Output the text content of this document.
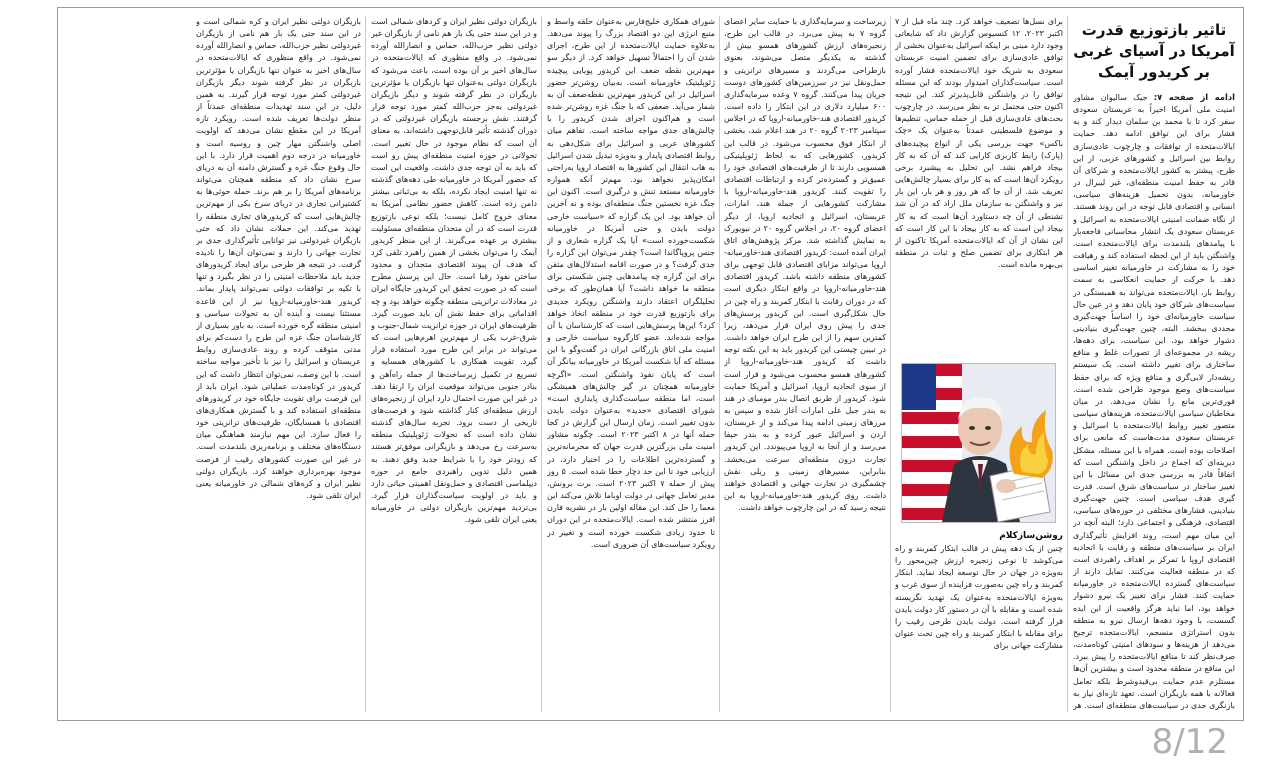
تاثیر بازتوزیع قدرت آمریکا در آسیای غربی بر کریدور آیمک

ادامه از صفحه ۷: جیک سالیوان مشاور امنیت ملی آمریکا اخیراً به عربستان سعودی سفر کرد تا با محمد بن سلمان دیدار کند و به فشار برای این توافق ادامه دهد. حمایت ایالات‌متحده از توافقات و چارچوب عادی‌سازی روابط بین اسرائیل و کشورهای عربی، از این طرح، پیشتر به کشور ایالات‌متحده و شرکای آن قادر به حفظ امنیت منطقه‌ای، غیر لیبرال در خاورمیانه، بدون تحمیل هزینه‌های سیاسی، انسانی و اقتصادی قابل توجه در این روند هستند. از نگاه ضمانت امنیتی ایالات‌متحده به اسرائیل و عربستان سعودی یک انتشار محاسباتی فاجعه‌بار با پیامدهای بلندمدت برای ایالات‌متحده است. واشنگتن باید از این لحظه استفاده کند و رهیافت خود را به مشارکت در خاورمیانه تغییر اساسی دهد. با حرکت از حمایت انعکاسی به سمت روابط باز، ایالات‌متحده می‌تواند به همبستگی در سیاست‌های شرکای خود پایان دهد و در عین حال سیاست خاورمیانه‌ای خود را اساساً جهت‌گیری مجددی ببخشد. البته، چنین جهت‌گیری بنیادینی دشوار خواهد بود، این سیاست، برای دهه‌ها، ریشه در مجموعه‌ای از تصورات غلط و منافع ساختاری برای تغییر داشته است. یک سیستم ریشه‌دار لابی‌گری و منافع ویژه که برای حفظ سیاست‌های وضع موجود طراحی شده است. فوری‌ترین مانع را نشان می‌دهد. در میان مخاطبان سیاسی ایالات‌متحده، هزینه‌های سیاسی متصور تغییر روابط ایالات‌متحده با اسرائیل و عربستان سعودی مدت‌هاست که مانعی برای اصلاحات بوده است. همراه با این مسئله، مشکل دیرینه‌ای که اجماع در داخل واشنگتن است که اتفاقاً قادر به بررسی جدی این مسائل با این تغییر ساختار در سیاست‌های شرق است. قدرت گیری هدف سیاسی است. چنین جهت‌گیری بنیادینی، فشارهای مختلفی در حوزه‌های سیاسی، اقتصادی، فرهنگی و اجتماعی دارد؛ البته آنچه در این میان مهم است، روند افزایش تأثیرگذاری ایران بر سیاست‌های منطقه و رقابت با اتحادیه اقتصادی اروپا با تمرکز بر اهداف راهبردی است که در منطقه فعالیت می‌کنند. تمایل دارند از سیاست‌های گسترده ایالات‌متحده در خاورمیانه حمایت کنند. فشار برای تغییر یک نیرو دشوار خواهد بود، اما نباید هرگز واقعیت از این ایده گسست، با وجود دهه‌ها ارسال نیرو به منطقه بدون استراتژی منسجم، ایالات‌متحده ترجیح می‌دهد از هزینه‌ها و سودهای امنیتی کوتاه‌مدت، صرف‌نظر کند تا منافع ایالات‌متحده را پیش ببرد. این منافع در منطقه محدود است و بیشترین آن‌ها مستلزم عدم حمایت بی‌قیدوشرط بلکه تعامل فعالانه با همه بازیگران است. تعهد تازه‌ای نیاز به بازنگری جدی در سیاست‌های منطقه‌ای است. هر

برای نسل‌ها تضعیف خواهد کرد. چند ماه قبل از ۷ اکتبر ۲۰۲۳، ۱۲ کنسیوس گزارش داد که شایعاتی وجود دارد مبنی بر اینکه اسرائیل به‌عنوان بخشی از توافق عادی‌سازی برای تضمین امنیت عربستان سعودی به شریک خود ایالات‌متحده فشار آورده است. سیاست‌گذاران امیدوار بودند که این مسئله توافق را در واشنگتن قابل‌پذیرتر کند. این نتیجه اکنون حتی محتمل تر به نظر می‌رسد. در چارچوب بحث‌های عادی‌سازی قبل از حمله حماس، تنظیم‌ها و موضوع فلسطینی عمدتاً به‌عنوان یک «چک باکس» جهت بررسی یکی از انواع پیچیده‌های (پارک) رابط کاربری کارایی کند که آن که به کار بیجاد فراهم نشد. این تحلیل به پیشبرد برخی رویکرد آن‌ها است که به کار برای بسیار چالش‌هایی تعریف شد. از آن جا که هر روز و هر بار، این بار نیز و واشنگتن به سازمان ملل اراد که در آن شد تشنطی از آن چه دستاورد آن‌ها است که به کار بیجاد این است که به کار بیجاد با این کار است که این نشان از آن که ایالات‌متحده آمریکا تاکنون از هر ابتکاری برای تضمین صلح و ثبات در منطقه بی‌بهره مانده است.

روشن‌سازکلام

چنین از یک دهه پیش در قالب ابتکار کمربند و راه می‌کوشد تا نوعی زنجیره ارزش چین‌محور را به‌ویژه در جهان در حال توسعه ایجاد نماید. ابتکار کمربند و راه چین به‌صورت فزاینده از سوی غرب و به‌ویژه ایالات‌متحده به‌عنوان یک تهدید نگریسته شده است و مقابله با آن در دستور کار دولت بایدن قرار گرفته است. دولت بایدن طرحی رقیب را برای مقابله با ابتکار کمربند و راه چین تحت عنوان مشارکت جهانی برای

زیرساخت و سرمایه‌گذاری با حمایت سایر اعضای گروه ۷ به پیش می‌برد. در قالب این طرح، زنجیره‌های ارزش کشورهای همسو بیش از گذشته به یکدیگر متصل می‌شوند، بعنوی بازطراحی می‌گردند و مسیرهای ترانزیتی و حمل‌ونقل نیز در سرزمین‌های کشورهای دوست جریان پیدا می‌کنند. گروه ۷ وعده سرمایه‌گذاری ۶۰۰ میلیارد دلاری در این ابتکار را داده است. کریدور اقتصادی هند-خاورمیانه-اروپا که در اجلاس سپتامبر ۲۰۲۳ گروه ۲۰ در هند اعلام شد، بخشی از ابتکار فوق محسوب می‌شود. در قالب این کریدور، کشورهایی که به لحاظ ژئوپلیتیکی همسویی دارند تا از ظرفیت‌های اقتصادی خود را عمیق‌تر و گسترده‌تر کرده و ارتباطات اقتصادی را تقویت کنند. کریدور هند-خاورمیانه-اروپا با مشارکت کشورهایی از جمله هند، امارات، عربستان، اسرائیل و اتحادیه اروپا، از دیگر اعضای گروه ۲۰، در اجلاس گروه ۲۰ در نیویورک به نمایش گذاشته شد. مرکز پژوهش‌های اتاق ایران آمده است: کریدور اقتصادی هند-خاورمیانه-اروپا می‌تواند مزایای اقتصادی قابل توجهی برای کشورهای منطقه داشته باشد. کریدور اقتصادی هند-خاورمیانه-اروپا در واقع ابتکار دیگری است که در دوران رقابت با ابتکار کمربند و راه چین در حال شکل‌گیری است. این کریدور پرسش‌های جدی را پیش روی ایران قرار می‌دهد، زیرا کمترین سهم را از این طرح ایران خواهد داشت. در تبیین چیستی این کریدور باید به این نکته توجه داشت که کریدور هند-خاورمیانه-اروپا از کشورهای همسو محسوب می‌شود و قرار است از سوی اتحادیه اروپا، اسرائیل و آمریکا حمایت شود. کریدور از طریق اتصال بندر مومبای در هند به بندر جبل علی امارات آغاز شده و سپس به مرزهای زمینی ادامه پیدا می‌کند و از عربستان، اردن و اسرائیل عبور کرده و به بندر حیفا می‌رسد و از آنجا به اروپا می‌پیوندد. این کریدور تجارت درون منطقه‌ای سرعت می‌بخشد. بنابراین، مسیرهای زمینی و ریلی نقش چشمگیری در تجارت جهانی و اقتصادی خواهند داشت. روی کریدور هند-خاورمیانه-اروپا به این نتیجه رسید که در این چارچوب خواهد داشت.

شورای همکاری خلیج‌فارس به‌عنوان حلقه واسط و منبع انرژی این دو اقتصاد بزرگ را پیوند می‌دهد. به‌علاوه حمایت ایالات‌متحده از این طرح، اجرای شدن آن را احتمالاً تسهیل خواهد کرد. از دیگر سو مهم‌ترین نقطه ضعف این کریدور پویایی پیچیده ژئوپلیتیک خاورمیانه است. به‌بیان روشن‌تر حضور اسرائیل در این کریدور مهم‌ترین نقطه‌ضعف آن به شمار می‌آید. ضعفی که با جنگ غزه روشن‌تر شده است و هم‌اکنون اجرای شدن کریدور را با چالش‌های جدی مواجه ساخته است. تفاهم میان کشورهای عربی و اسرائیل برای شکل‌دهی به روابط اقتصادی پایدار و به‌ویژه تبدیل شدن اسرائیل به هاب انتقال این کشورها به اقتصاد اروپا به‌راحتی امکان‌پذیر نخواهد بود. مهم‌تر آنکه همواره خاورمیانه مستعد تنش و درگیری است. اکنون این جنگ غزه نخستین جنگ منطقه‌ای بوده و نه آخرین آن خواهد بود. این یک گزاره که «سیاست خارجی دولت بایدن و حتی آمریکا در خاورمیانه شکست‌خورده است» آیا یک گزاره شعاری و از جنس پروپاگاندا است؟ چقدر می‌توان این گزاره را جدی گرفت؟ و در صورت اقامه استدلال‌های متقن برای این گزاره چه پیامدهایی چنین شکستی برای منطقه ما خواهد داشت؟ آیا همان‌طور که برخی تحلیلگران اعتقاد دارند واشنگتن رویکرد جدیدی برای بازتوزیع قدرت خود در منطقه اتخاذ خواهد کرد؟ این‌ها پرسش‌هایی است که کارشناسان با آن مواجه شده‌اند. عضو کارگروه سیاست خارجی و امنیت ملی اتاق بازرگانی ایران در گفت‌وگو با این مسئله که آیا شکست آمریکا در خاورمیانه بیانگر آن است که پایان نفوذ واشنگتن است. «اگرچه خاورمیانه همچنان در گیر چالش‌های همیشگی است، اما منطقه سیاست‌گذاری پایداری است» شورای اقتصادی «جدید» به‌عنوان دولت بایدن بدون تغییر است. زمان ارسال این گزارش در کجا حمله آنها در ۸ اکتبر ۲۰۲۳ است. چگونه مشاور امنیت ملی بزرگترین قدرت جهان که محرمانه‌ترین و گسترده‌ترین اطلاعات را در اختیار دارد، در ارزیابی خود تا این حد دچار خطا شده است. ۵ روز پیش از حمله ۷ اکتبر ۲۰۲۳ است. برت برونش، مدیر تعامل جهانی در دولت اوباما تلاش می‌کند این معما را حل کند. این مقاله اولین بار در نشریه فارن افرز منتشر شده است. ایالات‌متحده در این دوران تا حدود زیادی شکست خورده است و تغییر در رویکرد سیاست‌های آن ضروری است.

بازیگران دولتی نظیر ایران و کردهای شمالی است و در این سند حتی یک بار هم نامی از بازیگران غیر دولتی نظیر حزب‌الله، حماس و انصارالله آورده نمی‌شود. در واقع منظوری که ایالات‌متحده در سال‌های اخیر بر آن بوده است، باعث می‌شود که بازیگران دولتی به‌عنوان تنها بازیگران یا مؤثرترین بازیگران در نظر گرفته شوند و دیگر بازیگران غیردولتی به‌جز حزب‌الله کمتر مورد توجه قرار گرفتند. نقش برجسته بازیگران غیردولتی که در دوران گذشته تأثیر قابل‌توجهی داشته‌اند، به معنای آن است که نظام موجود در حال تغییر است. تحولاتی در حوزه امنیت منطقه‌ای پیش رو است که باید به آن توجه جدی داشت. واقعیت این است که حضور آمریکا در خاورمیانه طی دهه‌های گذشته نه تنها امنیت ایجاد نکرده، بلکه به بی‌ثباتی بیشتر دامن زده است. کاهش حضور نظامی آمریکا به معنای خروج کامل نیست؛ بلکه نوعی بازتوزیع قدرت است که در آن متحدان منطقه‌ای مسئولیت بیشتری بر عهده می‌گیرند. از این منظر کریدور آیمک را می‌توان بخشی از همین راهبرد تلقی کرد که هدف آن پیوند اقتصادی متحدان و محدود ساختن نفوذ رقبا است. حال این پرسش مطرح است که در صورت تحقق این کریدور جایگاه ایران در معادلات ترانزیتی منطقه چگونه خواهد بود و چه اقداماتی برای حفظ نقش آن باید صورت گیرد. ظرفیت‌های ایران در حوزه ترانزیت شمال-جنوب و شرق-غرب یکی از مهم‌ترین اهرم‌هایی است که می‌تواند در برابر این طرح مورد استفاده قرار گیرد. تقویت همکاری با کشورهای همسایه و تسریع در تکمیل زیرساخت‌ها از جمله راه‌آهن و بنادر جنوبی می‌تواند موقعیت ایران را ارتقا دهد. در غیر این صورت احتمال دارد ایران از زنجیره‌های ارزش منطقه‌ای کنار گذاشته شود و فرصت‌های تاریخی از دست برود. تجربه سال‌های گذشته نشان داده است که تحولات ژئوپلیتیک منطقه به‌سرعت رخ می‌دهد و بازیگرانی موفق‌تر هستند که زودتر خود را با شرایط جدید وفق دهند. به همین دلیل تدوین راهبردی جامع در حوزه دیپلماسی اقتصادی و حمل‌ونقل اهمیتی حیاتی دارد و باید در اولویت سیاست‌گذاران قرار گیرد. بی‌تردید مهم‌ترین بازیگران دولتی در خاورمیانه یعنی ایران تلقی شود.

بازیگران دولتی نظیر ایران و کره شمالی است و در این سند حتی یک بار هم نامی از بازیگران غیردولتی نظیر حزب‌الله، حماس و انصارالله آورده نمی‌شود. در واقع منظوری که ایالات‌متحده در سال‌های اخیر به عنوان تنها بازیگران یا مؤثرترین بازیگران در نظر گرفته شوند دیگر بازیگران غیردولتی کمتر مورد توجه قرار گیرند. به همین دلیل، در این سند تهدیدات منطقه‌ای عمدتاً از منظر دولت‌ها تعریف شده است. رویکرد تازه آمریکا در این مقطع نشان می‌دهد که اولویت اصلی واشنگتن مهار چین و روسیه است و خاورمیانه در درجه دوم اهمیت قرار دارد. با این حال وقوع جنگ غزه و گسترش دامنه آن به دریای سرخ نشان داد که منطقه همچنان می‌تواند برنامه‌های آمریکا را بر هم بزند. حمله حوثی‌ها به کشتیرانی تجاری در دریای سرخ یکی از مهم‌ترین چالش‌هایی است که کریدورهای تجاری منطقه را تهدید می‌کند. این حملات نشان داد که حتی بازیگران غیردولتی نیز توانایی تأثیرگذاری جدی بر تجارت جهانی را دارند و نمی‌توان آن‌ها را نادیده گرفت. در نتیجه هر طرحی برای ایجاد کریدورهای جدید باید ملاحظات امنیتی را در نظر بگیرد و تنها با تکیه بر توافقات دولتی نمی‌تواند پایدار بماند. کریدور هند-خاورمیانه-اروپا نیز از این قاعده مستثنا نیست و آینده آن به تحولات سیاسی و امنیتی منطقه گره خورده است. به باور بسیاری از کارشناسان جنگ غزه این طرح را دست‌کم برای مدتی متوقف کرده و روند عادی‌سازی روابط عربستان و اسرائیل را نیز با تأخیر مواجه ساخته است. با این وصف، نمی‌توان انتظار داشت که این کریدور در کوتاه‌مدت عملیاتی شود. ایران باید از این فرصت برای تقویت جایگاه خود در کریدورهای منطقه‌ای استفاده کند و با گسترش همکاری‌های اقتصادی با همسایگان، ظرفیت‌های ترانزیتی خود را فعال سازد. این مهم نیازمند هماهنگی میان دستگاه‌های مختلف و برنامه‌ریزی بلندمدت است. در غیر این صورت کشورهای رقیب از فرصت موجود بهره‌برداری خواهند کرد. بازیگران دولتی نظیر ایران و کره‌های شمالی در خاورمیانه یعنی ایران تلقی شود.

8/12
